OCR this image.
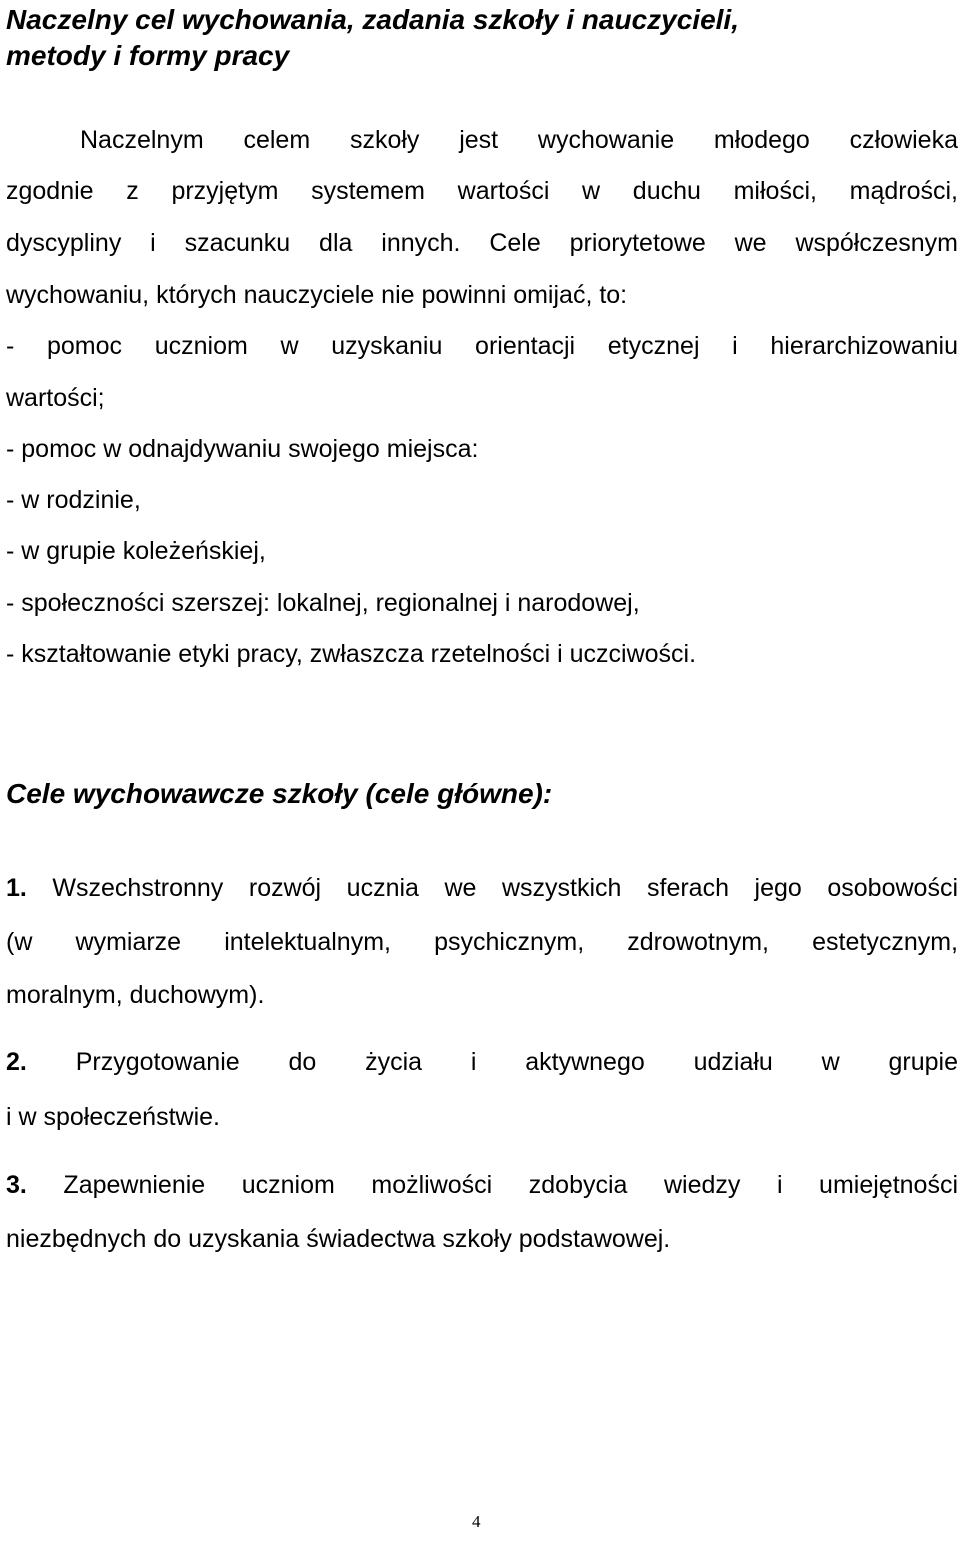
Naczelny cel wychowania, zadania szkoły i nauczycieli,
metody i formy pracy
Naczelnym celem szkoły jest wychowanie młodego człowieka
zgodnie z przyjętym systemem wartości w duchu miłości, mądrości,
dyscypliny i szacunku dla innych. Cele priorytetowe we współczesnym
wychowaniu, których nauczyciele nie powinni omijać, to:
- pomoc uczniom w uzyskaniu orientacji etycznej i hierarchizowaniu
wartości;
- pomoc w odnajdywaniu swojego miejsca:
- w rodzinie,
- w grupie koleżeńskiej,
- społeczności szerszej: lokalnej, regionalnej i narodowej,
- kształtowanie etyki pracy, zwłaszcza rzetelności i uczciwości.
Cele wychowawcze szkoły (cele główne):
1. Wszechstronny rozwój ucznia we wszystkich sferach jego osobowości
(w wymiarze intelektualnym, psychicznym, zdrowotnym, estetycznym,
moralnym, duchowym).
2. Przygotowanie do życia i aktywnego udziału w grupie
i w społeczeństwie.
3. Zapewnienie uczniom możliwości zdobycia wiedzy i umiejętności
niezbędnych do uzyskania świadectwa szkoły podstawowej.
4
